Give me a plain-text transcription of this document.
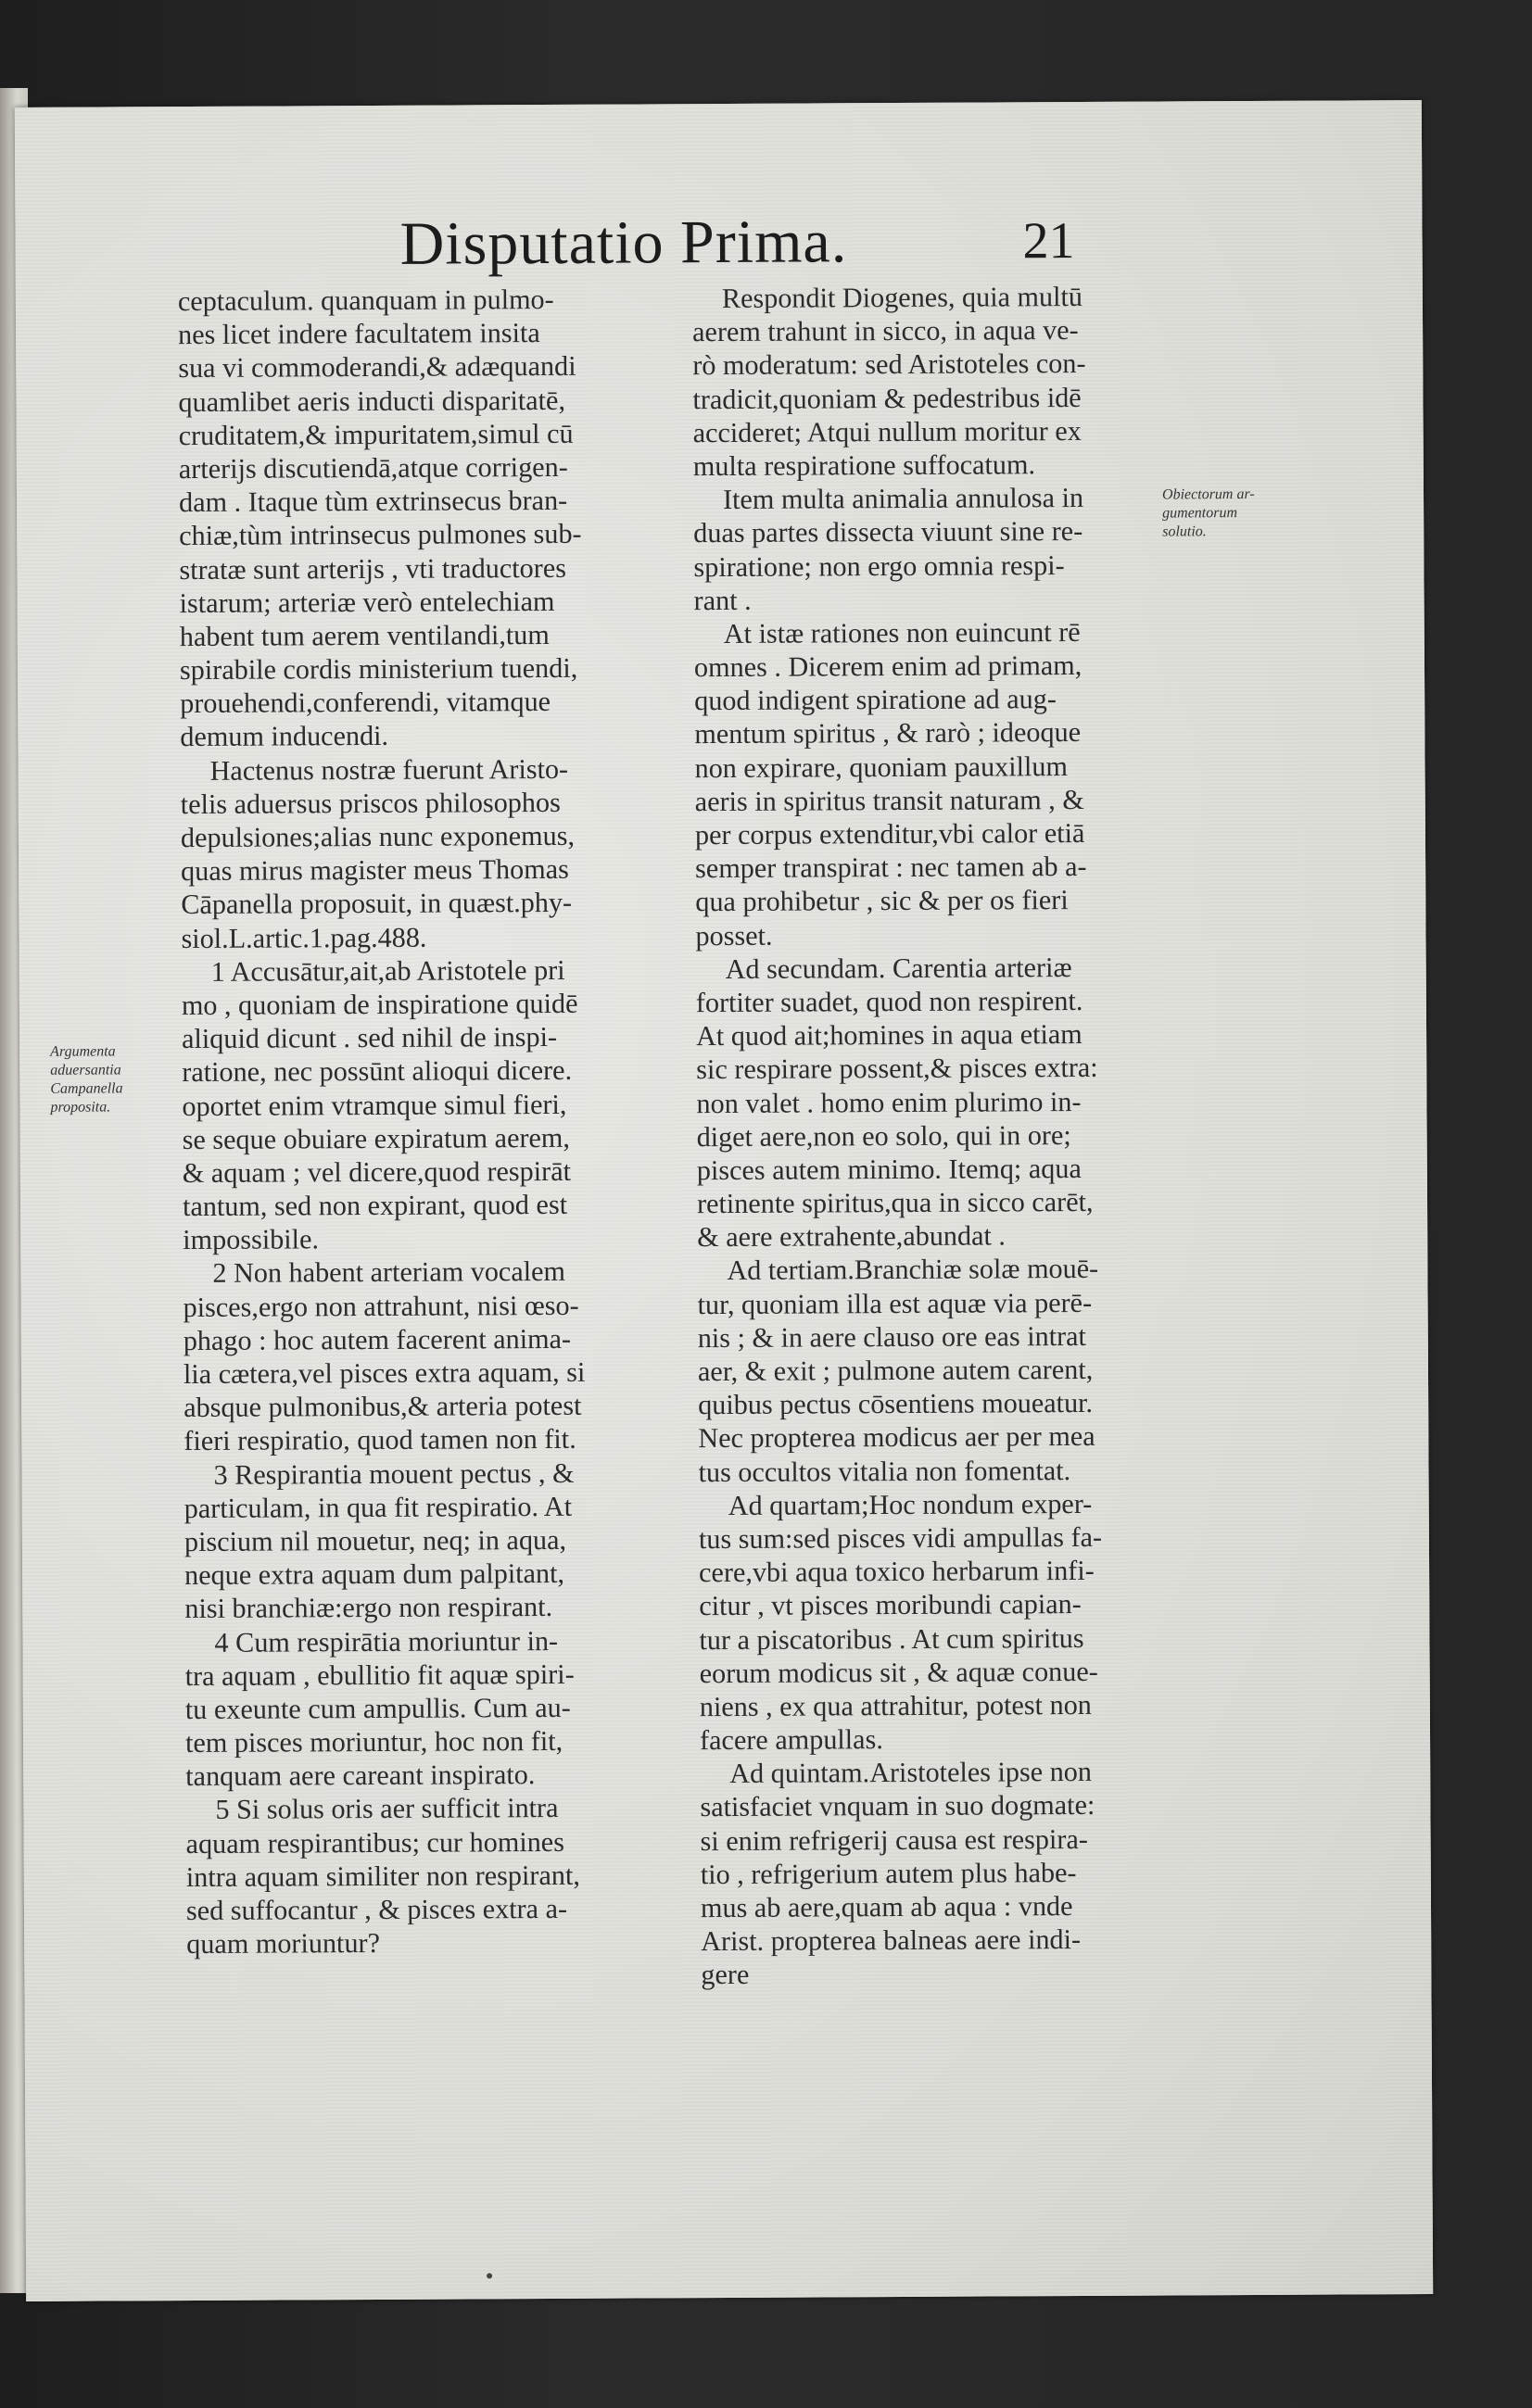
Disputatio Prima.	21
ceptaculum. quanquam in pulmo-
nes licet indere facultatem insita
sua vi commoderandi,& adæquandi
quamlibet aeris inducti disparitatē,
cruditatem,& impuritatem,simul cū
arterijs discutiendā,atque corrigen-
dam . Itaque tùm extrinsecus bran-
chiæ,tùm intrinsecus pulmones sub-
stratæ sunt arterijs , vti traductores
istarum; arteriæ verò entelechiam
habent tum aerem ventilandi,tum
spirabile cordis ministerium tuendi,
prouehendi,conferendi, vitamque
demum inducendi.
Hactenus nostræ fuerunt Aristo-
telis aduersus priscos philosophos
depulsiones;alias nunc exponemus,
quas mirus magister meus Thomas
Cāpanella proposuit, in quæst.phy-
siol.L.artic.1.pag.488.
1 Accusātur,ait,ab Aristotele pri
mo , quoniam de inspiratione quidē
aliquid dicunt . sed nihil de inspi-
ratione, nec possūnt alioqui dicere.
oportet enim vtramque simul fieri,
se seque obuiare expiratum aerem,
& aquam ; vel dicere,quod respirāt
tantum, sed non expirant, quod est
impossibile.
2 Non habent arteriam vocalem
pisces,ergo non attrahunt, nisi œso-
phago : hoc autem facerent anima-
lia cætera,vel pisces extra aquam, si
absque pulmonibus,& arteria potest
fieri respiratio, quod tamen non fit.
3 Respirantia mouent pectus , &
particulam, in qua fit respiratio. At
piscium nil mouetur, neq; in aqua,
neque extra aquam dum palpitant,
nisi branchiæ:ergo non respirant.
4 Cum respirātia moriuntur in-
tra aquam , ebullitio fit aquæ spiri-
tu exeunte cum ampullis. Cum au-
tem pisces moriuntur, hoc non fit,
tanquam aere careant inspirato.
5 Si solus oris aer sufficit intra
aquam respirantibus; cur homines
intra aquam similiter non respirant,
sed suffocantur , & pisces extra a-
quam moriuntur?
Respondit Diogenes, quia multū
aerem trahunt in sicco, in aqua ve-
rò moderatum: sed Aristoteles con-
tradicit,quoniam & pedestribus idē
accideret; Atqui nullum moritur ex
multa respiratione suffocatum.
Item multa animalia annulosa in
duas partes dissecta viuunt sine re-
spiratione; non ergo omnia respi-
rant .
At istæ rationes non euincunt rē
omnes . Dicerem enim ad primam,
quod indigent spiratione ad aug-
mentum spiritus , & rarò ; ideoque
non expirare, quoniam pauxillum
aeris in spiritus transit naturam , &
per corpus extenditur,vbi calor etiā
semper transpirat : nec tamen ab a-
qua prohibetur , sic & per os fieri
posset.
Ad secundam. Carentia arteriæ
fortiter suadet, quod non respirent.
At quod ait;homines in aqua etiam
sic respirare possent,& pisces extra:
non valet . homo enim plurimo in-
diget aere,non eo solo, qui in ore;
pisces autem minimo. Itemq; aqua
retinente spiritus,qua in sicco carēt,
& aere extrahente,abundat .
Ad tertiam.Branchiæ solæ mouē-
tur, quoniam illa est aquæ via perē-
nis ; & in aere clauso ore eas intrat
aer, & exit ; pulmone autem carent,
quibus pectus cōsentiens moueatur.
Nec propterea modicus aer per mea
tus occultos vitalia non fomentat.
Ad quartam;Hoc nondum exper-
tus sum:sed pisces vidi ampullas fa-
cere,vbi aqua toxico herbarum infi-
citur , vt pisces moribundi capian-
tur a piscatoribus . At cum spiritus
eorum modicus sit , & aquæ conue-
niens , ex qua attrahitur, potest non
facere ampullas.
Ad quintam.Aristoteles ipse non
satisfaciet vnquam in suo dogmate:
si enim refrigerij causa est respira-
tio , refrigerium autem plus habe-
mus ab aere,quam ab aqua : vnde
Arist. propterea balneas aere indi-
gere
Argumenta
aduersantia
Campanella
proposita.
Obiectorum ar-
gumentorum
solutio.
